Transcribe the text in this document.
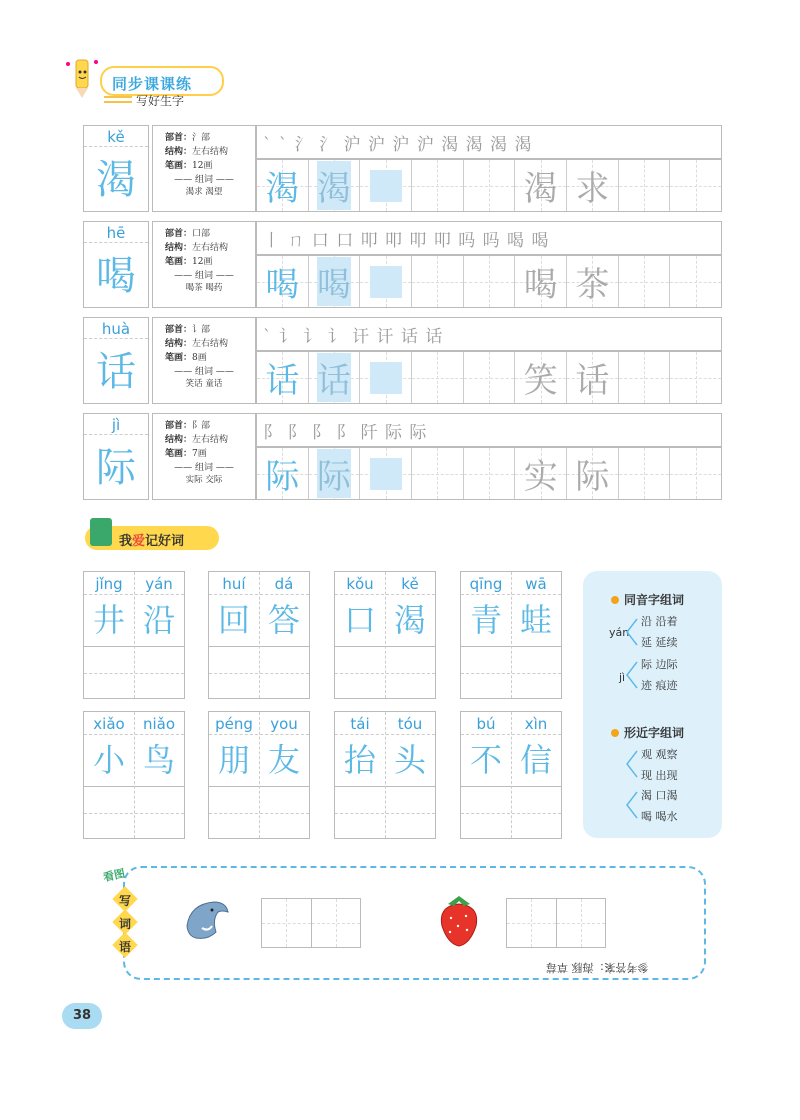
同步课课练
写好生字
kě
渴
部首：氵部
结构：左右结构
笔画：12画
—— 组词 ——
渴求 渴望
` ` 氵 氵 沪 沪 沪 沪 渴 渴 渴 渴
渴 渴	渴 求
hē
喝
部首：口部
结构：左右结构
笔画：12画
—— 组词 ——
喝茶 喝药
丨 ㄇ 口 口 叩 叩 叩 叩 吗 吗 喝 喝
喝 喝	喝 茶
huà
话
部首：讠部
结构：左右结构
笔画：8画
—— 组词 ——
笑话 童话
` 讠 讠 讠 讦 讦 话 话
话 话	笑 话
jì
际
部首：阝部
结构：左右结构
笔画：7画
—— 组词 ——
实际 交际
阝 阝 阝 阝 阡 际 际
际 际	实 际
我爱记好词
jǐng	yán
井 沿
huí	dá
回 答
kǒu	kě
口 渴
qīng	wā
青 蛙
xiǎo	niǎo
小 鸟
péng	you
朋 友
tái	tóu
抬 头
bú	xìn
不 信
同音字组词
yán
沿 沿着
延 延续
jì
际 边际
迹 痕迹
形近字组词
观 观察
现 出现
渴 口渴
喝 喝水
看图
写
词
语
参考答案：海豚 草莓
38
